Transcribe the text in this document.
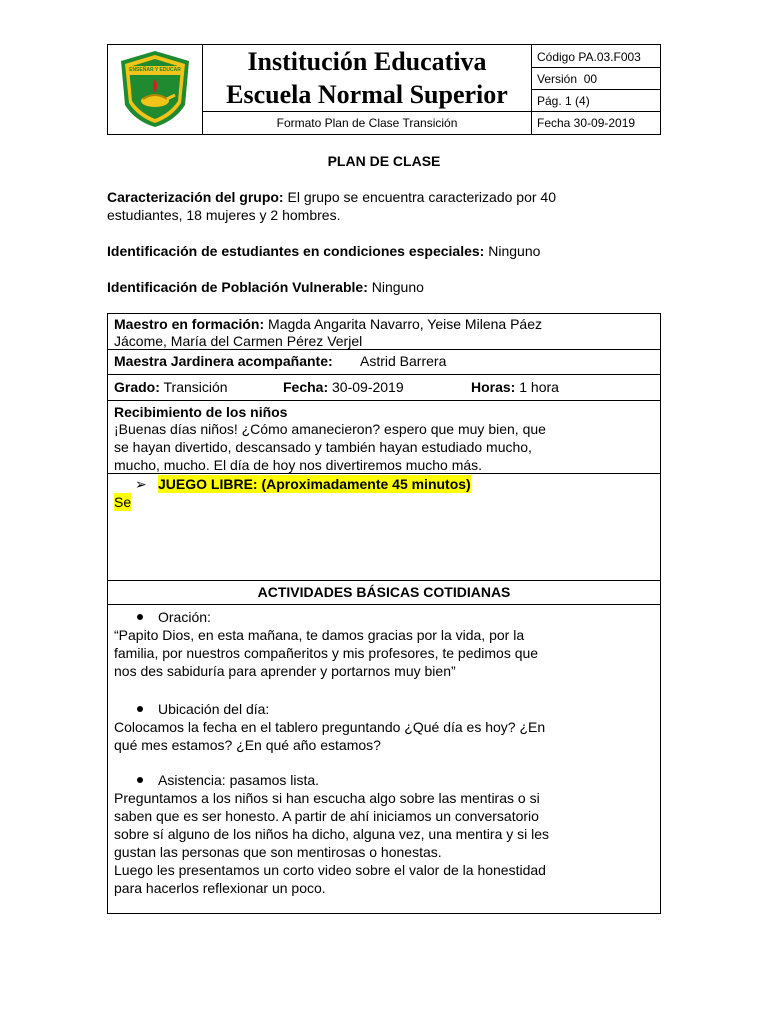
ENSEÑAR Y EDUCAR	Institución Educativa
Escuela Normal Superior
Formato Plan de Clase Transición
Código PA.03.F003
Versión  00
Pág. 1 (4)
Fecha 30-09-2019
PLAN DE CLASE
Caracterización del grupo: El grupo se encuentra caracterizado por 40
estudiantes, 18 mujeres y 2 hombres.
Identificación de estudiantes en condiciones especiales: Ninguno
Identificación de Población Vulnerable: Ninguno
Maestro en formación: Magda Angarita Navarro, Yeise Milena Páez
Jácome, María del Carmen Pérez Verjel
Maestra Jardinera acompañante: Astrid Barrera
Grado: Transición	Fecha: 30-09-2019	Horas: 1 hora
Recibimiento de los niños
¡Buenas días niños! ¿Cómo amanecieron? espero que muy bien, que
se hayan divertido, descansado y también hayan estudiado mucho,
mucho, mucho. El día de hoy nos divertiremos mucho más.
➢ JUEGO LIBRE: (Aproximadamente 45 minutos)
Se
ACTIVIDADES BÁSICAS COTIDIANAS
Oración:
“Papito Dios, en esta mañana, te damos gracias por la vida, por la
familia, por nuestros compañeritos y mis profesores, te pedimos que
nos des sabiduría para aprender y portarnos muy bien”
Ubicación del día:
Colocamos la fecha en el tablero preguntando ¿Qué día es hoy? ¿En
qué mes estamos? ¿En qué año estamos?
Asistencia: pasamos lista.
Preguntamos a los niños si han escucha algo sobre las mentiras o si
saben que es ser honesto. A partir de ahí iniciamos un conversatorio
sobre sí alguno de los niños ha dicho, alguna vez, una mentira y si les
gustan las personas que son mentirosas o honestas.
Luego les presentamos un corto video sobre el valor de la honestidad
para hacerlos reflexionar un poco.
